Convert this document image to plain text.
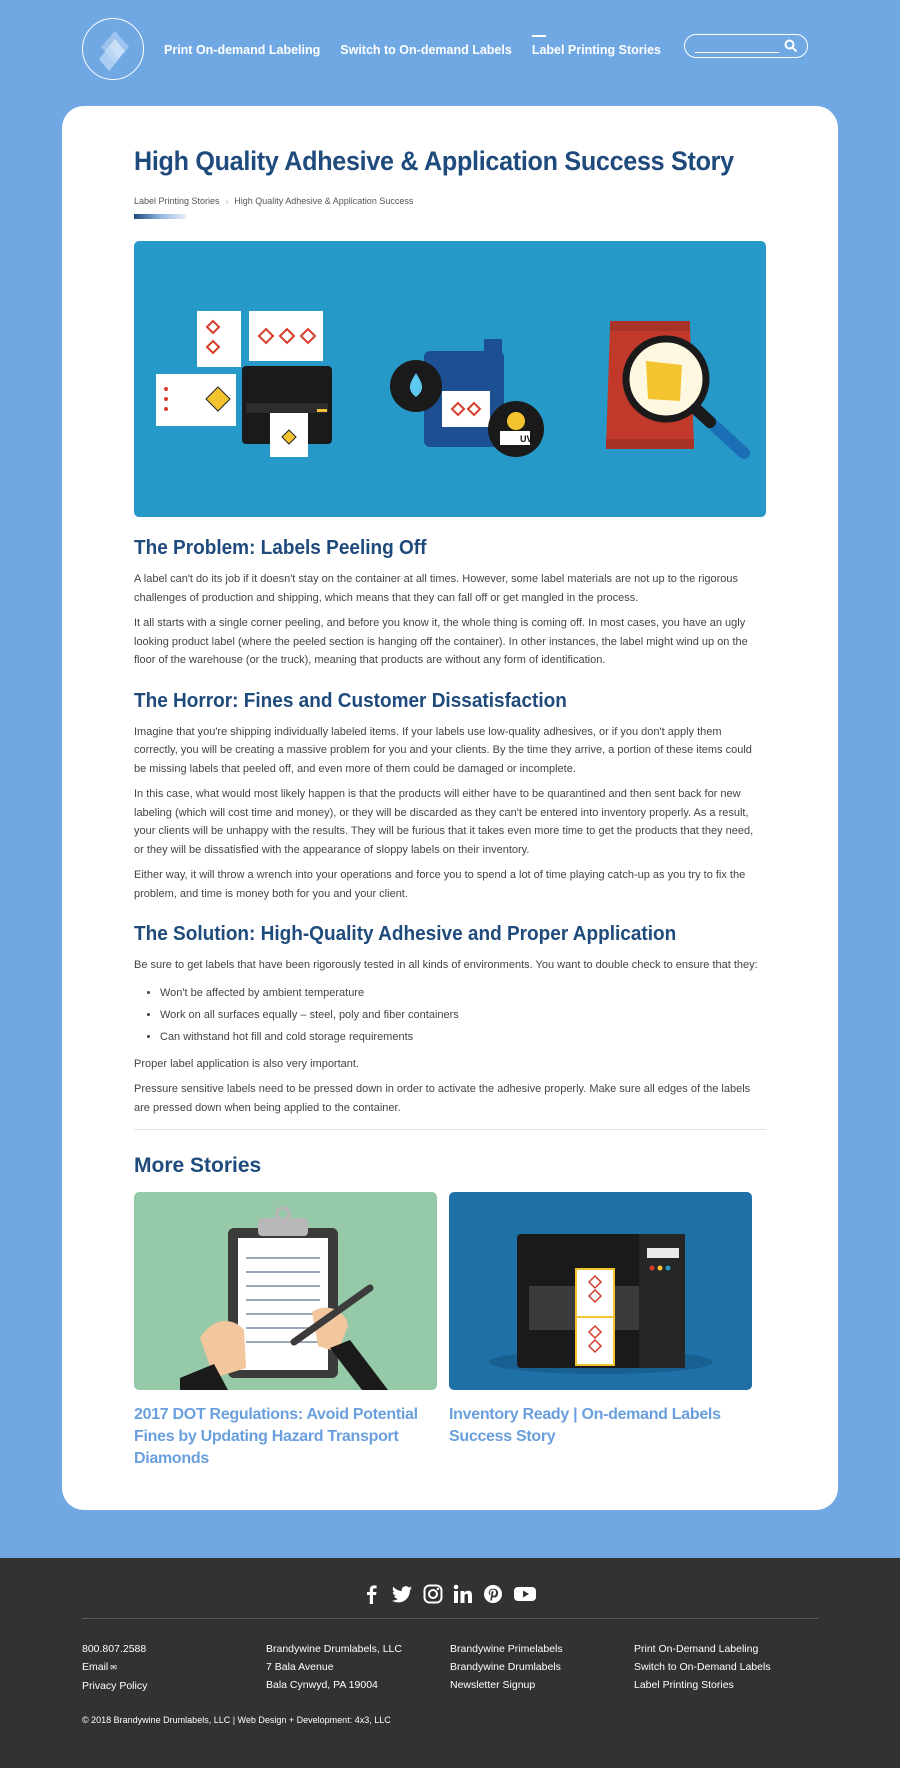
Print On-demand Labeling Switch to On-demand Labels Label Printing Stories
High Quality Adhesive & Application Success Story
Label Printing Stories › High Quality Adhesive & Application Success
UV
The Problem: Labels Peeling Off

A label can't do its job if it doesn't stay on the container at all times. However, some label materials are not up to the rigorous challenges of production and shipping, which means that they can fall off or get mangled in the process.

It all starts with a single corner peeling, and before you know it, the whole thing is coming off. In most cases, you have an ugly looking product label (where the peeled section is hanging off the container). In other instances, the label might wind up on the floor of the warehouse (or the truck), meaning that products are without any form of identification.

The Horror: Fines and Customer Dissatisfaction

Imagine that you're shipping individually labeled items. If your labels use low-quality adhesives, or if you don't apply them correctly, you will be creating a massive problem for you and your clients. By the time they arrive, a portion of these items could be missing labels that peeled off, and even more of them could be damaged or incomplete.

In this case, what would most likely happen is that the products will either have to be quarantined and then sent back for new labeling (which will cost time and money), or they will be discarded as they can't be entered into inventory properly. As a result, your clients will be unhappy with the results. They will be furious that it takes even more time to get the products that they need, or they will be dissatisfied with the appearance of sloppy labels on their inventory.

Either way, it will throw a wrench into your operations and force you to spend a lot of time playing catch-up as you try to fix the problem, and time is money both for you and your client.

The Solution: High-Quality Adhesive and Proper Application

Be sure to get labels that have been rigorously tested in all kinds of environments. You want to double check to ensure that they:

• Won't be affected by ambient temperature
• Work on all surfaces equally – steel, poly and fiber containers
• Can withstand hot fill and cold storage requirements

Proper label application is also very important.

Pressure sensitive labels need to be pressed down in order to activate the adhesive properly. Make sure all edges of the labels are pressed down when being applied to the container.

More Stories
2017 DOT Regulations: Avoid Potential Fines by Updating Hazard Transport Diamonds
Inventory Ready | On-demand Labels Success Story
800.807.2588
Email ✉
Privacy Policy
Brandywine Drumlabels, LLC
7 Bala Avenue
Bala Cynwyd, PA 19004
Brandywine Primelabels
Brandywine Drumlabels
Newsletter Signup
Print On-Demand Labeling
Switch to On-Demand Labels
Label Printing Stories
© 2018 Brandywine Drumlabels, LLC | Web Design + Development: 4x3, LLC
